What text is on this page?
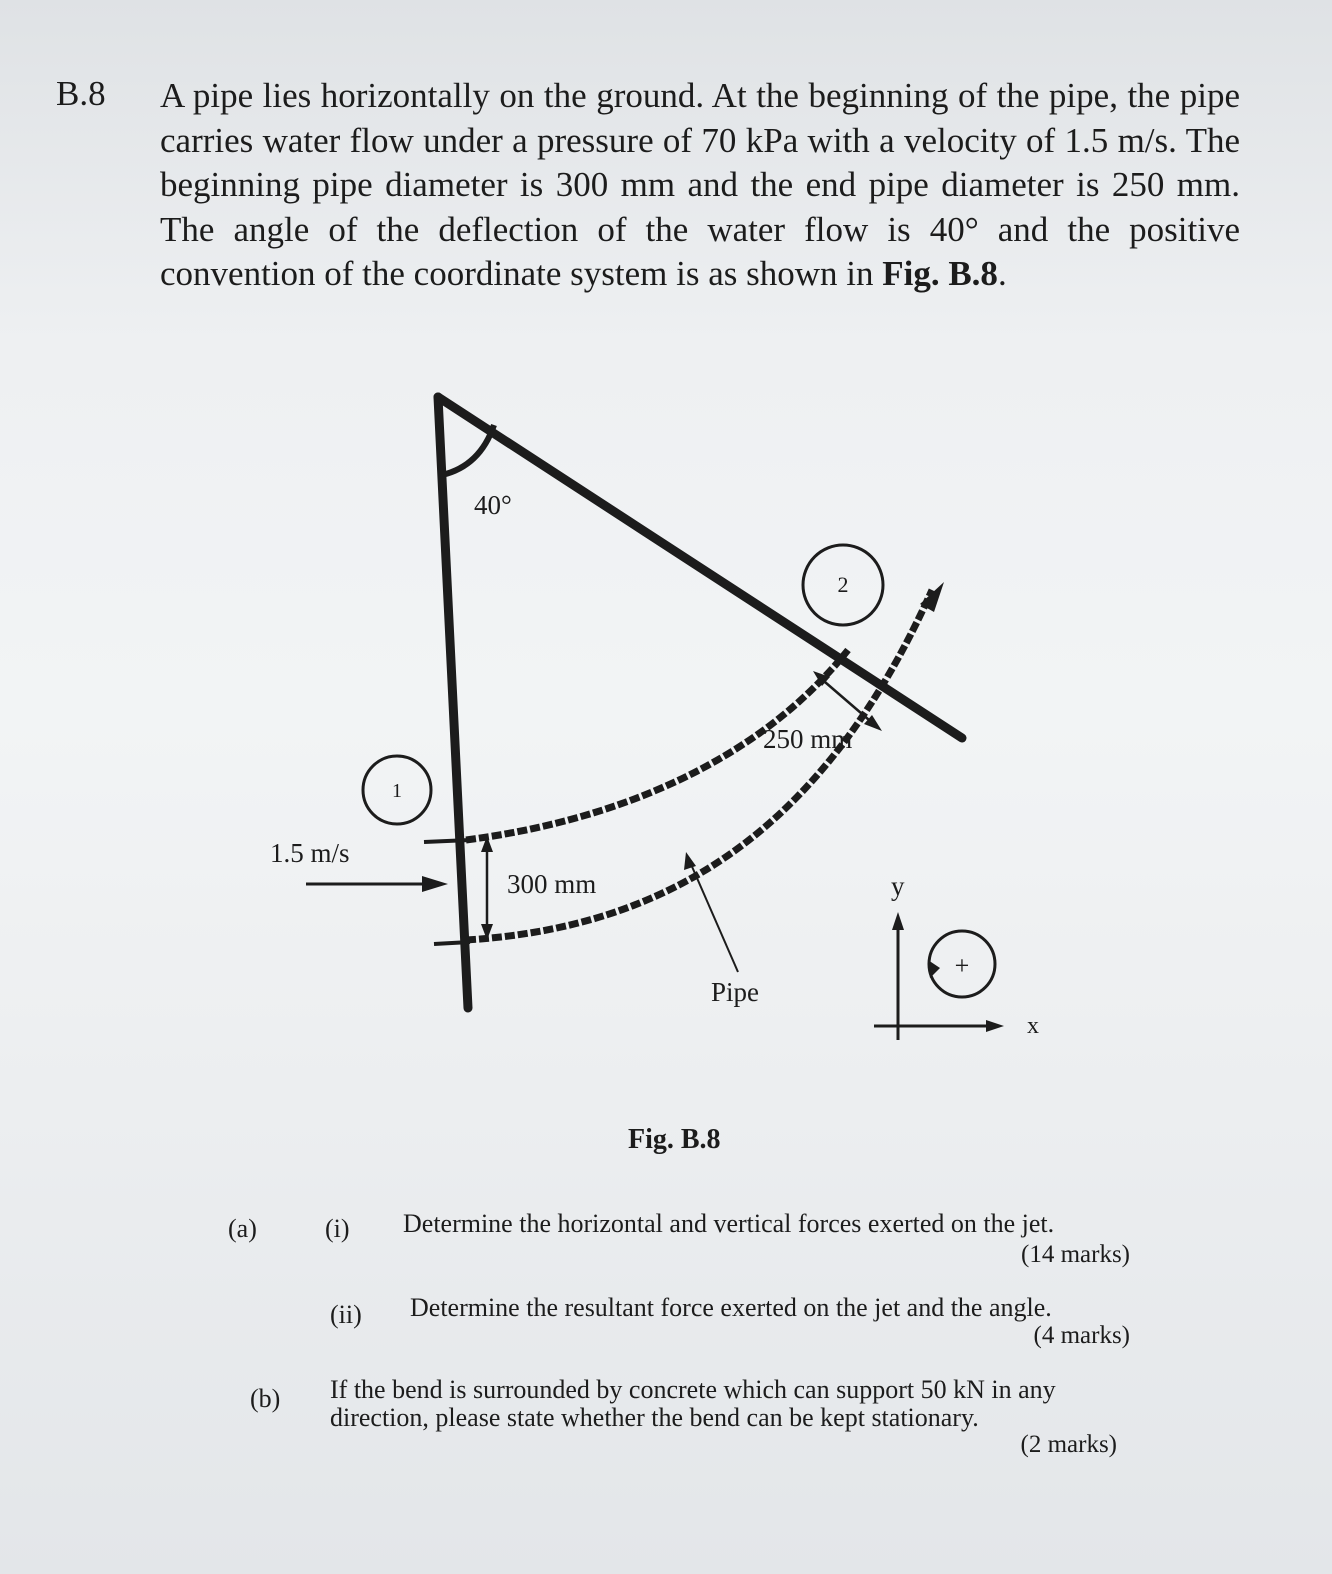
B.8 A pipe lies horizontally on the ground. At the beginning of the pipe, the pipe carries water flow under a pressure of 70 kPa with a velocity of 1.5 m/s. The beginning pipe diameter is 300 mm and the end pipe diameter is 250 mm. The angle of the deflection of the water flow is 40° and the positive convention of the coordinate system is as shown in Fig. B.8.
40°
300 mm
250 mm
1
2
1.5 m/s
Pipe
y
x
+
Fig. B.8
(a)	(i) Determine the horizontal and vertical forces exerted on the jet.
(14 marks)
(ii) Determine the resultant force exerted on the jet and the angle.
(4 marks)
(b) If the bend is surrounded by concrete which can support 50 kN in any direction, please state whether the bend can be kept stationary.
(2 marks)
